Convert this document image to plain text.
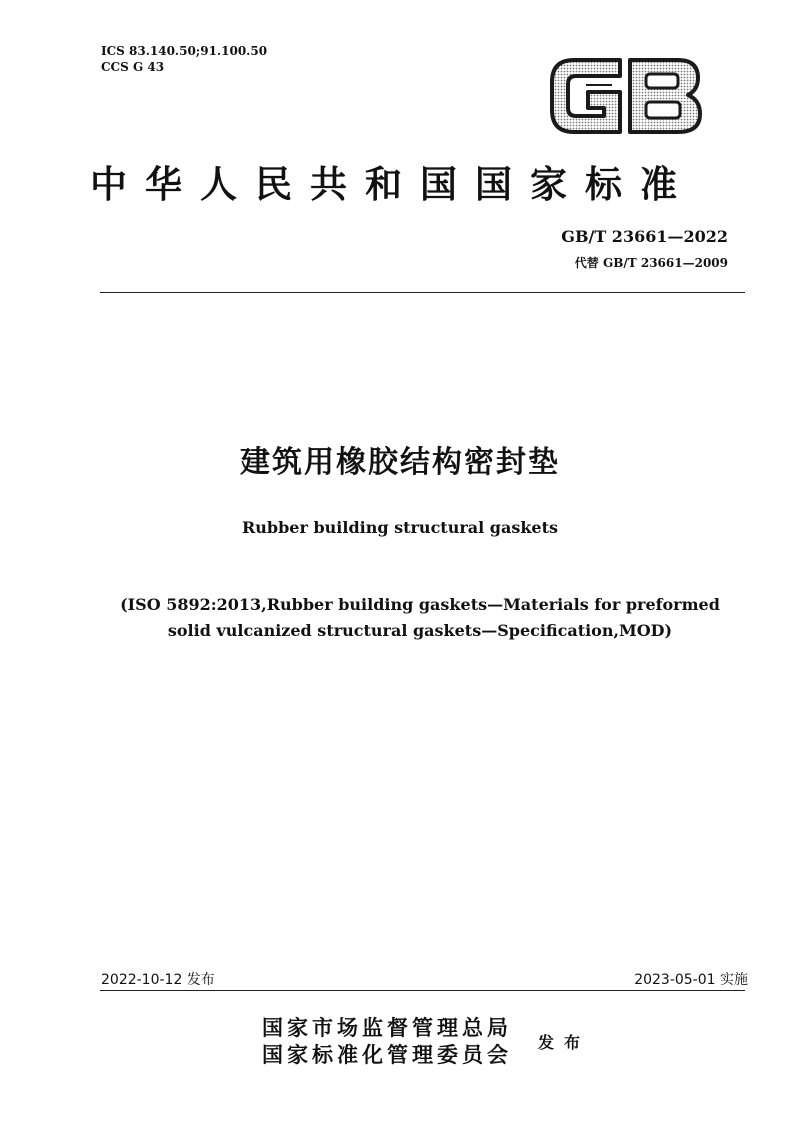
ICS 83.140.50;91.100.50
CCS G 43
中华人民共和国国家标准
GB/T 23661—2022
代替 GB/T 23661—2009
建筑用橡胶结构密封垫
Rubber building structural gaskets
(ISO 5892:2013,Rubber building gaskets—Materials for preformed
solid vulcanized structural gaskets—Specification,MOD)
2022-10-12 发布	2023-05-01 实施
国家市场监督管理总局
国家标准化管理委员会 发布
